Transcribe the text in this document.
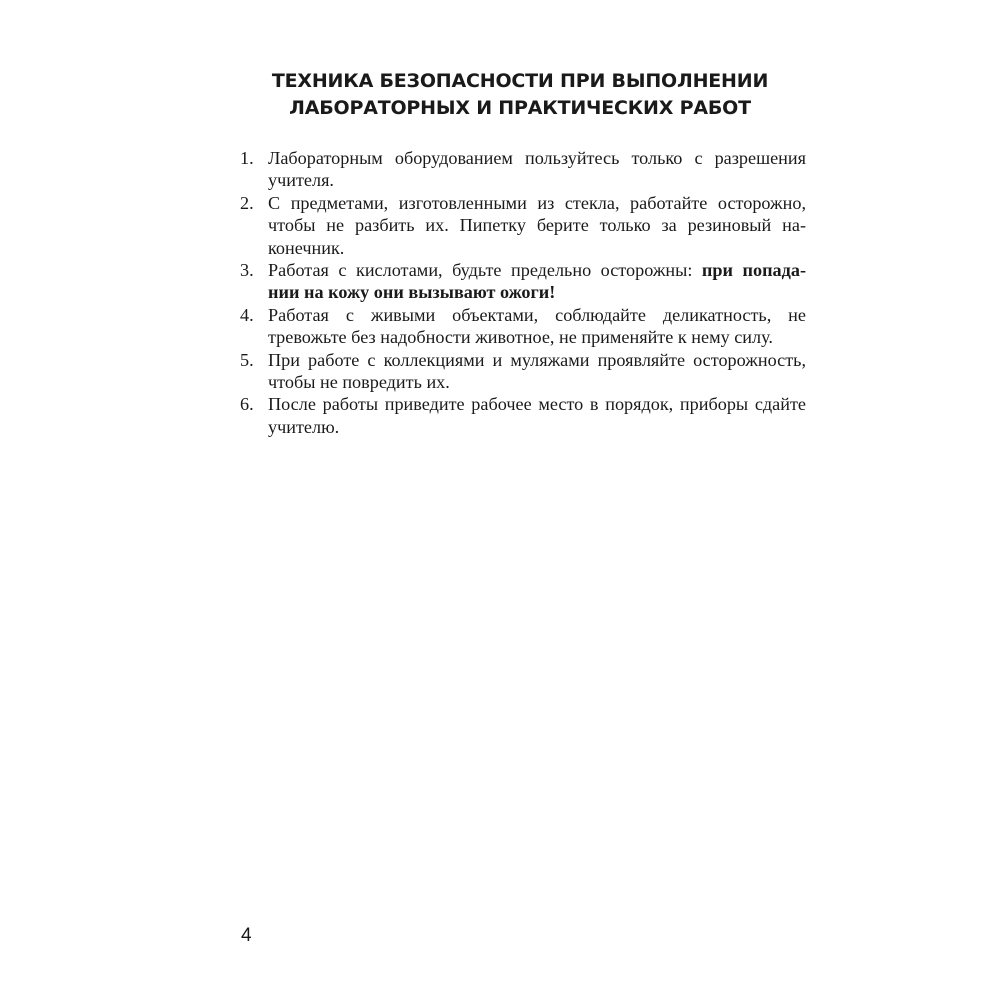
ТЕХНИКА БЕЗОПАСНОСТИ ПРИ ВЫПОЛНЕНИИ
ЛАБОРАТОРНЫХ И ПРАКТИЧЕСКИХ РАБОТ
1. Лабораторным оборудованием пользуйтесь только с разрешения
учителя.
2. С предметами, изготовленными из стекла, работайте осторожно,
чтобы не разбить их. Пипетку берите только за резиновый на-
конечник.
3. Работая с кислотами, будьте предельно осторожны: при попада-
нии на кожу они вызывают ожоги!
4. Работая с живыми объектами, соблюдайте деликатность, не
тревожьте без надобности животное, не применяйте к нему силу.
5. При работе с коллекциями и муляжами проявляйте осторожность,
чтобы не повредить их.
6. После работы приведите рабочее место в порядок, приборы сдайте
учителю.
4
